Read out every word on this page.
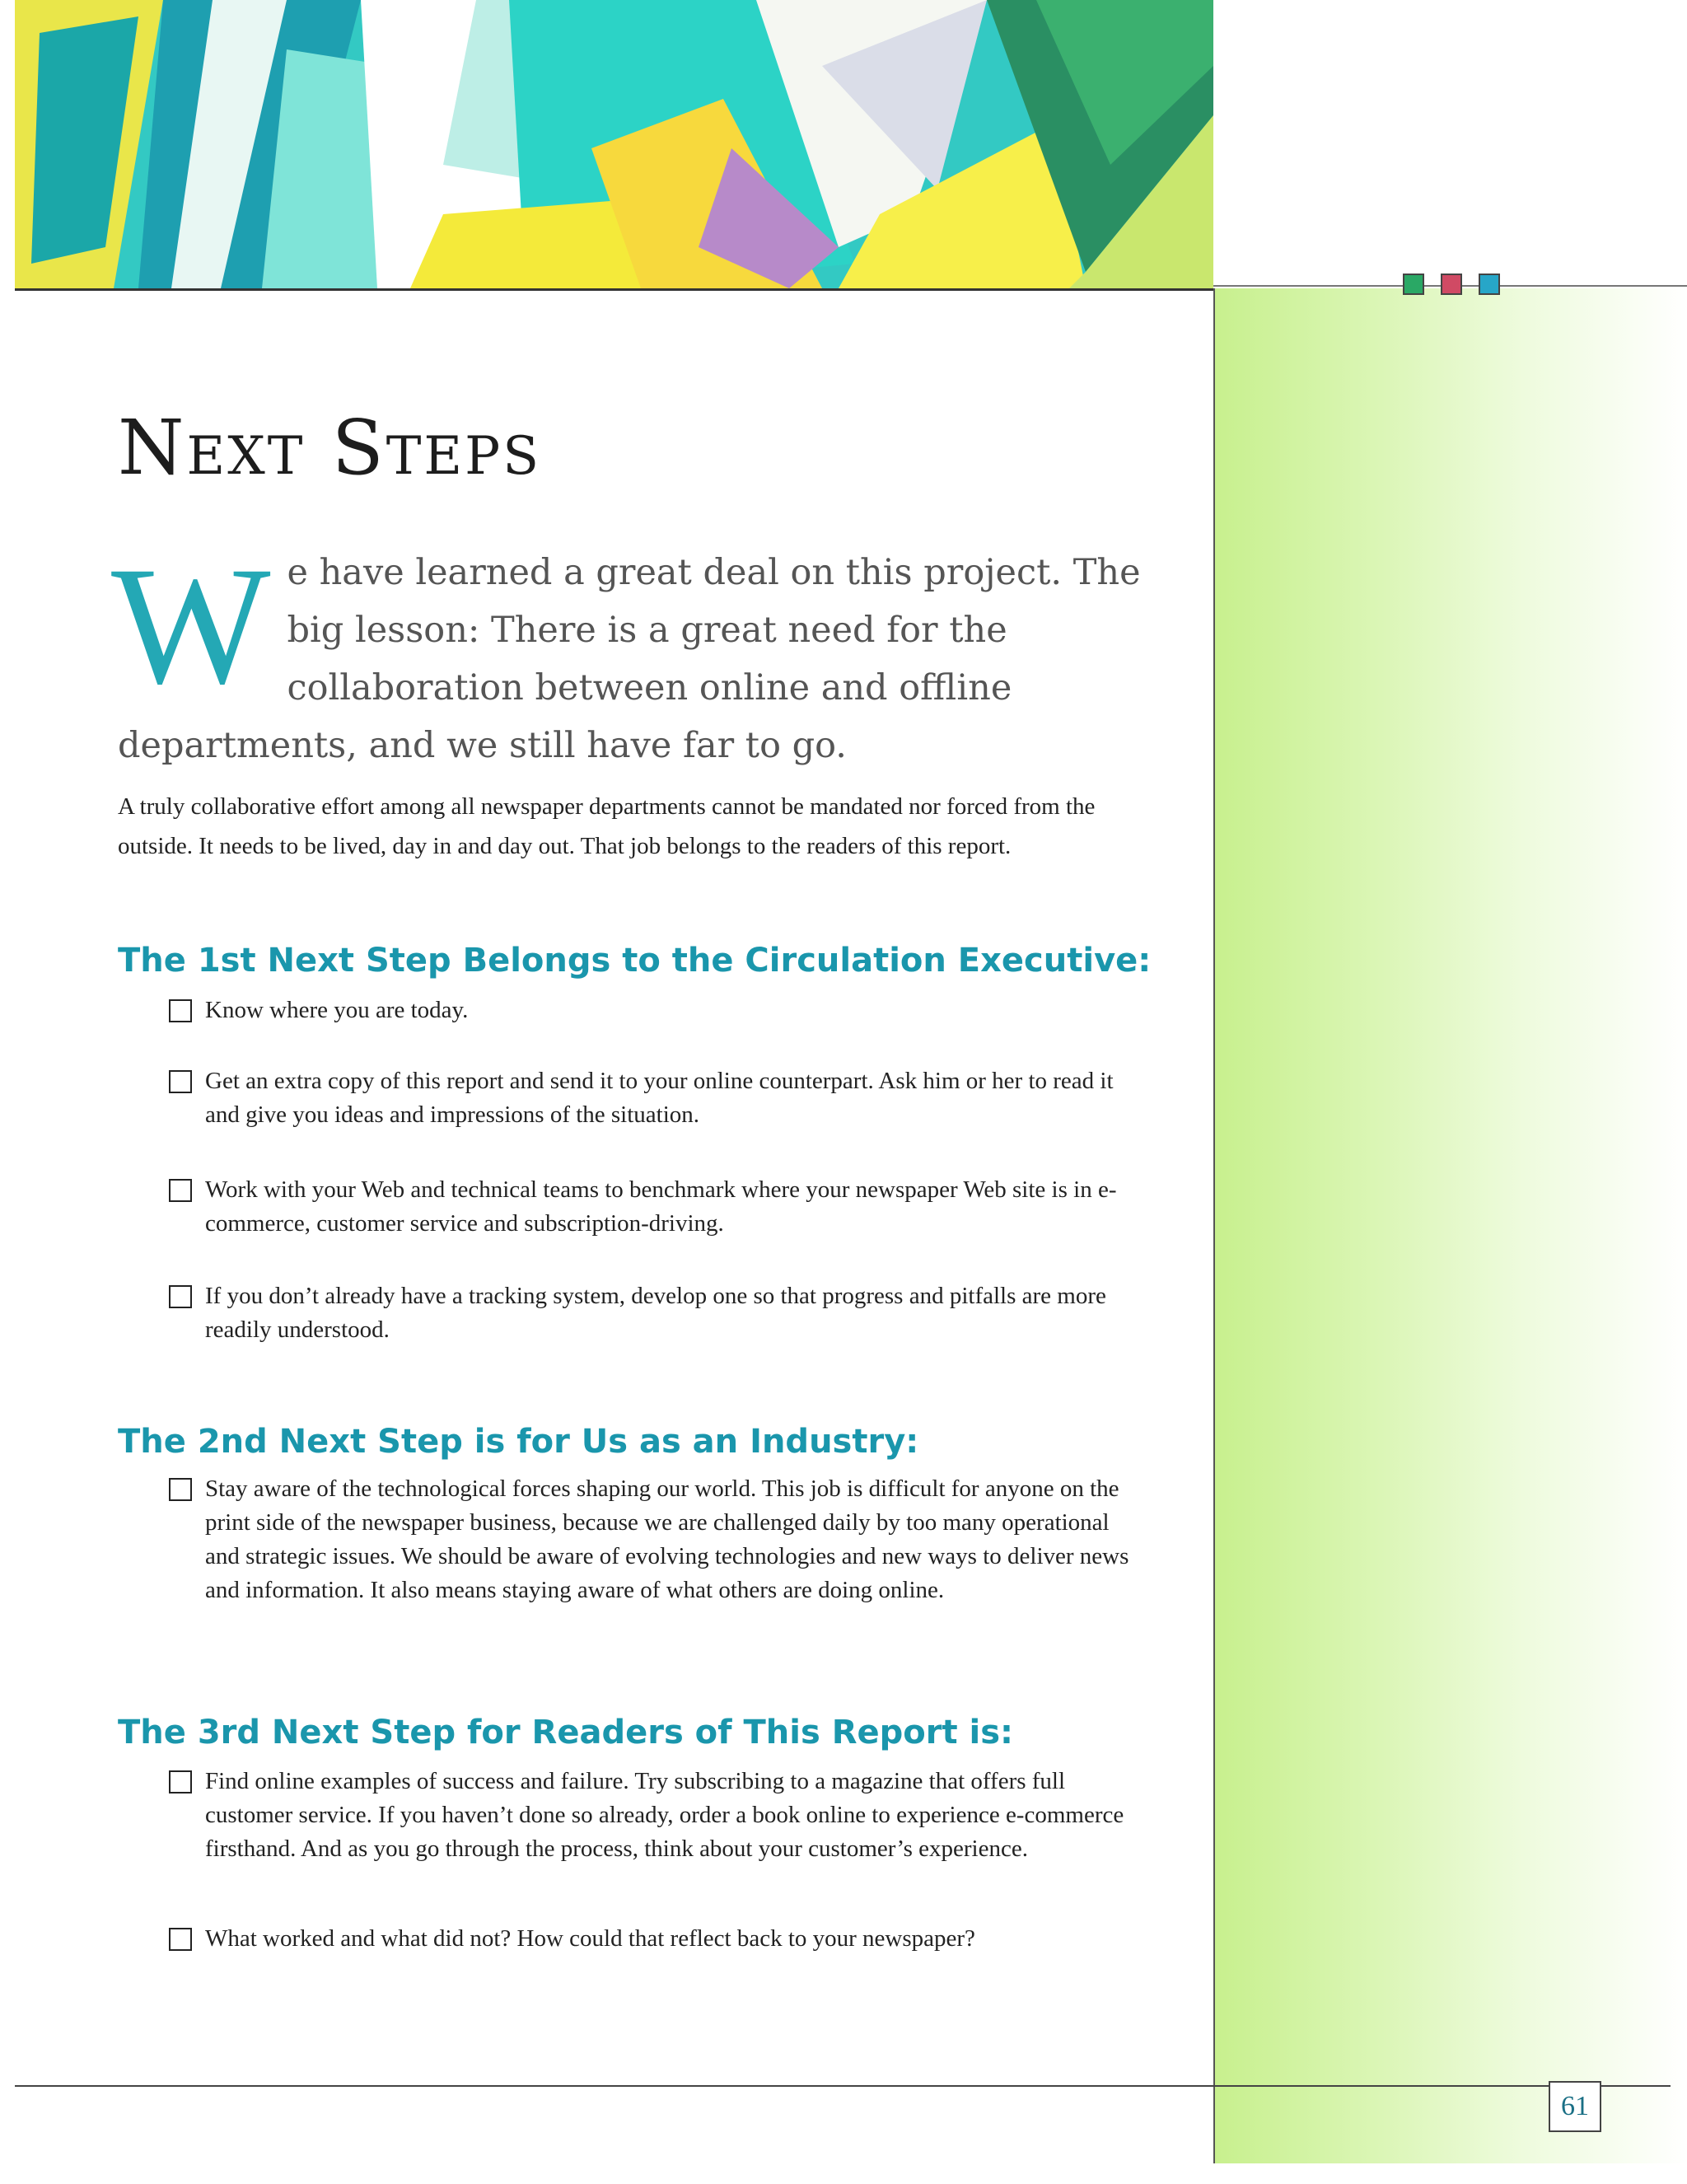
Next Steps

We have learned a great deal on this project. The big lesson: There is a great need for the collaboration between online and offline departments, and we still have far to go.

A truly collaborative effort among all newspaper departments cannot be mandated nor forced from the outside. It needs to be lived, day in and day out. That job belongs to the readers of this report.

The 1st Next Step Belongs to the Circulation Executive:
Know where you are today.
Get an extra copy of this report and send it to your online counterpart. Ask him or her to read it and give you ideas and impressions of the situation.
Work with your Web and technical teams to benchmark where your newspaper Web site is in e-commerce, customer service and subscription-driving.
If you don’t already have a tracking system, develop one so that progress and pitfalls are more readily understood.
The 2nd Next Step is for Us as an Industry:
Stay aware of the technological forces shaping our world. This job is difficult for anyone on the print side of the newspaper business, because we are challenged daily by too many operational and strategic issues. We should be aware of evolving technologies and new ways to deliver news and information. It also means staying aware of what others are doing online.
The 3rd Next Step for Readers of This Report is:
Find online examples of success and failure. Try subscribing to a magazine that offers full customer service. If you haven’t done so already, order a book online to experience e-commerce firsthand. And as you go through the process, think about your customer’s experience.
What worked and what did not? How could that reflect back to your newspaper?
61
